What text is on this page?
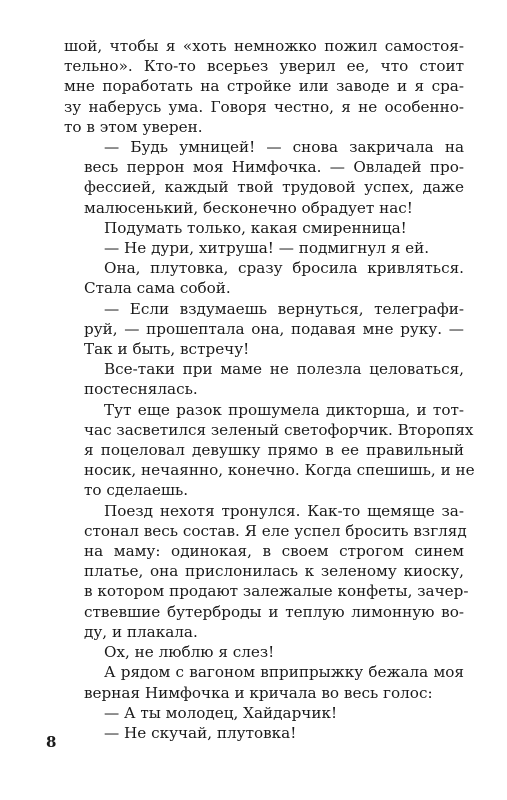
шой, чтобы я «хоть немножко пожил самостоя-
тельно». Кто-то всерьез уверил ее, что стоит
мне поработать на стройке или заводе и я сра-
зу наберусь ума. Говоря честно, я не особенно-
то в этом уверен.
— Будь умницей! — снова закричала на
весь перрон моя Нимфочка. — Овладей про-
фессией, каждый твой трудовой успех, даже
малюсенький, бесконечно обрадует нас!
Подумать только, какая смиренница!
— Не дури, хитруша! — подмигнул я ей.
Она, плутовка, сразу бросила кривляться.
Стала сама собой.
— Если вздумаешь вернуться, телеграфи-
руй, — прошептала она, подавая мне руку. —
Так и быть, встречу!
Все-таки при маме не полезла целоваться,
постеснялась.
Тут еще разок прошумела дикторша, и тот-
час засветился зеленый светофорчик. Второпях
я поцеловал девушку прямо в ее правильный
носик, нечаянно, конечно. Когда спешишь, и не
то сделаешь.
Поезд нехотя тронулся. Как-то щемяще за-
стонал весь состав. Я еле успел бросить взгляд
на маму: одинокая, в своем строгом синем
платье, она прислонилась к зеленому киоску,
в котором продают залежалые конфеты, зачер-
ствевшие бутерброды и теплую лимонную во-
ду, и плакала.
Ох, не люблю я слез!
А рядом с вагоном вприпрыжку бежала моя
верная Нимфочка и кричала во весь голос:
— А ты молодец, Хайдарчик!
— Не скучай, плутовка!
8
